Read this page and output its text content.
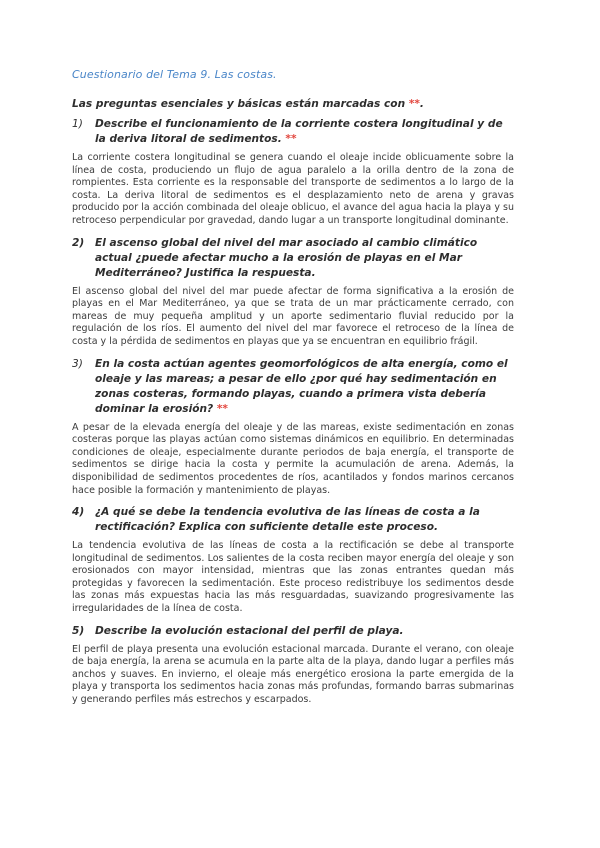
Cuestionario del Tema 9. Las costas.
Las preguntas esenciales y básicas están marcadas con **.
1)	Describe el funcionamiento de la corriente costera longitudinal y de la deriva litoral de sedimentos. **
La corriente costera longitudinal se genera cuando el oleaje incide oblicuamente sobre la línea de costa, produciendo un flujo de agua paralelo a la orilla dentro de la zona de rompientes. Esta corriente es la responsable del transporte de sedimentos a lo largo de la costa. La deriva litoral de sedimentos es el desplazamiento neto de arena y gravas producido por la acción combinada del oleaje oblicuo, el avance del agua hacia la playa y su retroceso perpendicular por gravedad, dando lugar a un transporte longitudinal dominante.
2)	El ascenso global del nivel del mar asociado al cambio climático actual ¿puede afectar mucho a la erosión de playas en el Mar Mediterráneo? Justifica la respuesta.
El ascenso global del nivel del mar puede afectar de forma significativa a la erosión de playas en el Mar Mediterráneo, ya que se trata de un mar prácticamente cerrado, con mareas de muy pequeña amplitud y un aporte sedimentario fluvial reducido por la regulación de los ríos. El aumento del nivel del mar favorece el retroceso de la línea de costa y la pérdida de sedimentos en playas que ya se encuentran en equilibrio frágil.
3)	En la costa actúan agentes geomorfológicos de alta energía, como el oleaje y las mareas; a pesar de ello ¿por qué hay sedimentación en zonas costeras, formando playas, cuando a primera vista debería dominar la erosión? **
A pesar de la elevada energía del oleaje y de las mareas, existe sedimentación en zonas costeras porque las playas actúan como sistemas dinámicos en equilibrio. En determinadas condiciones de oleaje, especialmente durante periodos de baja energía, el transporte de sedimentos se dirige hacia la costa y permite la acumulación de arena. Además, la disponibilidad de sedimentos procedentes de ríos, acantilados y fondos marinos cercanos hace posible la formación y mantenimiento de playas.
4)	¿A qué se debe la tendencia evolutiva de las líneas de costa a la rectificación? Explica con suficiente detalle este proceso.
La tendencia evolutiva de las líneas de costa a la rectificación se debe al transporte longitudinal de sedimentos. Los salientes de la costa reciben mayor energía del oleaje y son erosionados con mayor intensidad, mientras que las zonas entrantes quedan más protegidas y favorecen la sedimentación. Este proceso redistribuye los sedimentos desde las zonas más expuestas hacia las más resguardadas, suavizando progresivamente las irregularidades de la línea de costa.
5)	Describe la evolución estacional del perfil de playa.
El perfil de playa presenta una evolución estacional marcada. Durante el verano, con oleaje de baja energía, la arena se acumula en la parte alta de la playa, dando lugar a perfiles más anchos y suaves. En invierno, el oleaje más energético erosiona la parte emergida de la playa y transporta los sedimentos hacia zonas más profundas, formando barras submarinas y generando perfiles más estrechos y escarpados.
